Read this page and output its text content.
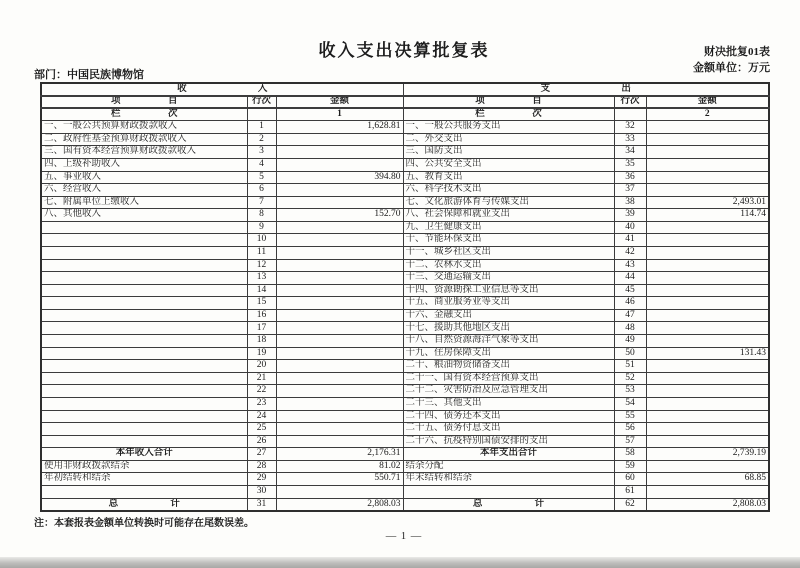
收入支出决算批复表	财决批复01表
金额单位：万元
部门：中国民族博物馆
收入			支出		
项目	行次	金额	项目	行次	金额
栏次		1	栏次		2
一、一般公共预算财政拨款收入	1	1,628.81	一、一般公共服务支出	32	
二、政府性基金预算财政拨款收入	2		二、外交支出	33	
三、国有资本经营预算财政拨款收入	3		三、国防支出	34	
四、上级补助收入	4		四、公共安全支出	35	
五、事业收入	5	394.80	五、教育支出	36	
六、经营收入	6		六、科学技术支出	37	
七、附属单位上缴收入	7		七、文化旅游体育与传媒支出	38	2,493.01
八、其他收入	8	152.70	八、社会保障和就业支出	39	114.74
	9		九、卫生健康支出	40	
	10		十、节能环保支出	41	
	11		十一、城乡社区支出	42	
	12		十二、农林水支出	43	
	13		十三、交通运输支出	44	
	14		十四、资源勘探工业信息等支出	45	
	15		十五、商业服务业等支出	46	
	16		十六、金融支出	47	
	17		十七、援助其他地区支出	48	
	18		十八、自然资源海洋气象等支出	49	
	19		十九、住房保障支出	50	131.43
	20		二十、粮油物资储备支出	51	
	21		二十一、国有资本经营预算支出	52	
	22		二十二、灾害防治及应急管理支出	53	
	23		二十三、其他支出	54	
	24		二十四、债务还本支出	55	
	25		二十五、债务付息支出	56	
	26		二十六、抗疫特别国债安排的支出	57	
本年收入合计	27	2,176.31	本年支出合计	58	2,739.19
使用非财政拨款结余	28	81.02	结余分配	59	
年初结转和结余	29	550.71	年末结转和结余	60	68.85
	30			61	
总计	31	2,808.03	总计	62	2,808.03
注：本套报表金额单位转换时可能存在尾数误差。
— 1 —
